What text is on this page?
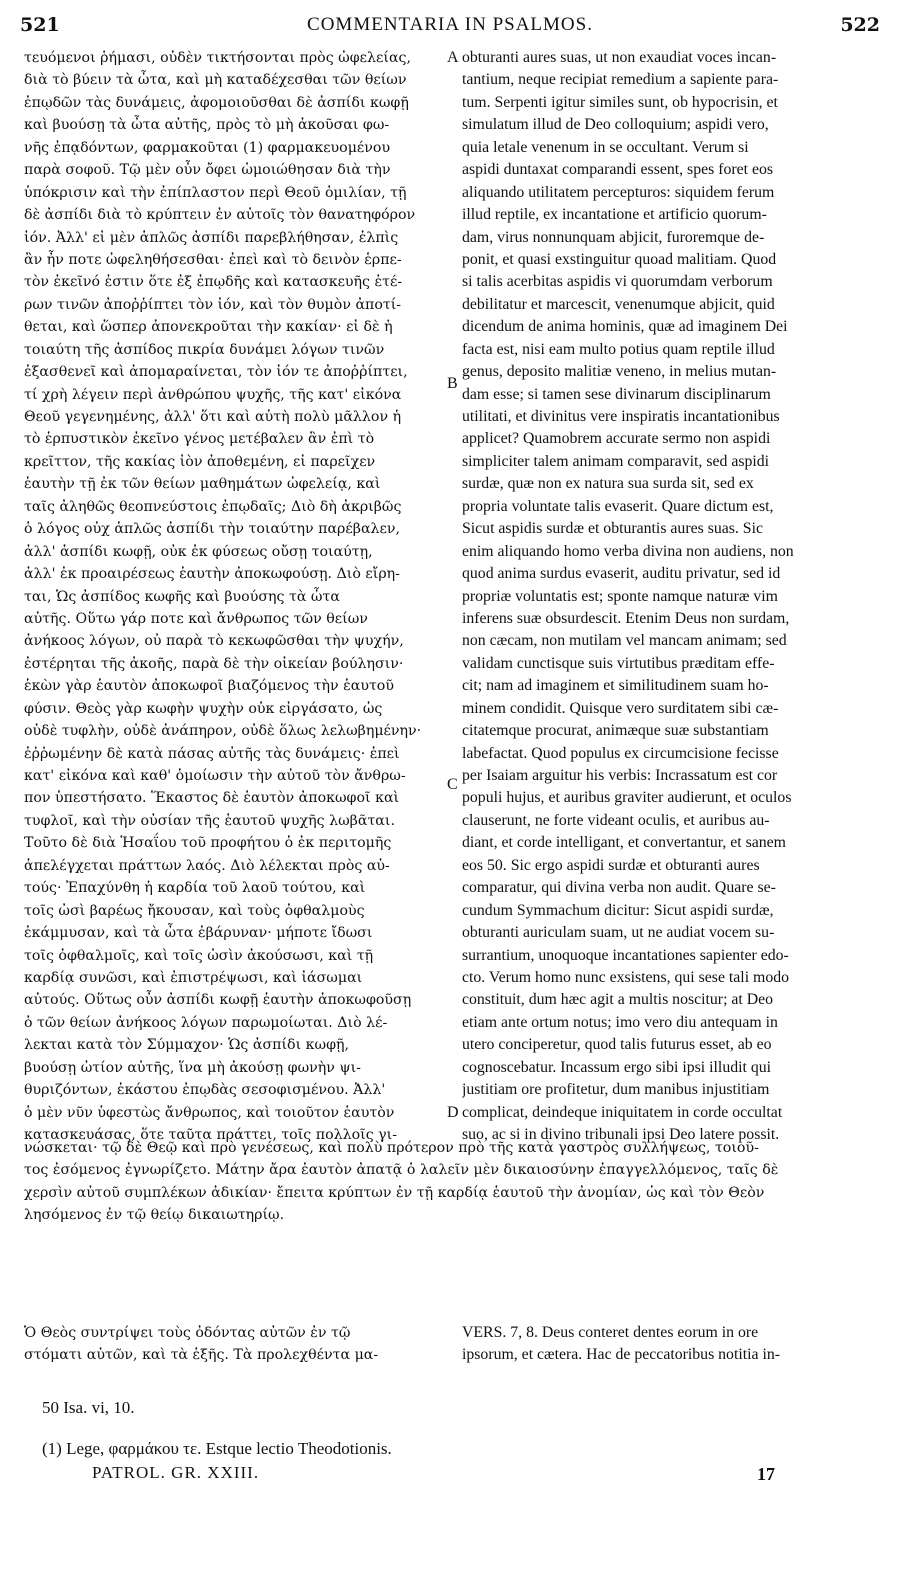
521	COMMENTARIA IN PSALMOS.	522
τευόμενοι ῥήμασι, οὐδὲν τικτήσονται πρὸς ὠφελείας,
διὰ τὸ βύειν τὰ ὦτα, καὶ μὴ καταδέχεσθαι τῶν θείων
ἐπῳδῶν τὰς δυνάμεις, ἀφομοιοῦσθαι δὲ ἀσπίδι κωφῇ
καὶ βυούσῃ τὰ ὦτα αὐτῆς, πρὸς τὸ μὴ ἀκοῦσαι φω-
νῆς ἐπᾳδόντων, φαρμακοῦται (1) φαρμακευομένου
παρὰ σοφοῦ. Τῷ μὲν οὖν ὄφει ὡμοιώθησαν διὰ τὴν
ὑπόκρισιν καὶ τὴν ἐπίπλαστον περὶ Θεοῦ ὁμιλίαν, τῇ
δὲ ἀσπίδι διὰ τὸ κρύπτειν ἐν αὐτοῖς τὸν θανατηφόρον
ἰόν. Ἀλλ' εἰ μὲν ἁπλῶς ἀσπίδι παρεβλήθησαν, ἐλπὶς
ἂν ἦν ποτε ὠφεληθήσεσθαι· ἐπεὶ καὶ τὸ δεινὸν ἑρπε-
τὸν ἐκεῖνό ἐστιν ὅτε ἐξ ἐπῳδῆς καὶ κατασκευῆς ἑτέ-
ρων τινῶν ἀποῤῥίπτει τὸν ἰόν, καὶ τὸν θυμὸν ἀποτί-
θεται, καὶ ὥσπερ ἀπονεκροῦται τὴν κακίαν· εἰ δὲ ἡ
τοιαύτη τῆς ἀσπίδος πικρία δυνάμει λόγων τινῶν
ἐξασθενεῖ καὶ ἀπομαραίνεται, τὸν ἰόν τε ἀποῤῥίπτει,
τί χρὴ λέγειν περὶ ἀνθρώπου ψυχῆς, τῆς κατ' εἰκόνα
Θεοῦ γεγενημένης, ἀλλ' ὅτι καὶ αὐτὴ πολὺ μᾶλλον ἡ
τὸ ἑρπυστικὸν ἐκεῖνο γένος μετέβαλεν ἂν ἐπὶ τὸ
κρεῖττον, τῆς κακίας ἰὸν ἀποθεμένη, εἰ παρεῖχεν
ἑαυτὴν τῇ ἐκ τῶν θείων μαθημάτων ὠφελείᾳ, καὶ
ταῖς ἀληθῶς θεοπνεύστοις ἐπῳδαῖς; Διὸ δὴ ἀκριβῶς
ὁ λόγος οὐχ ἁπλῶς ἀσπίδι τὴν τοιαύτην παρέβαλεν,
ἀλλ' ἀσπίδι κωφῇ, οὐκ ἐκ φύσεως οὔσῃ τοιαύτῃ,
ἀλλ' ἐκ προαιρέσεως ἑαυτὴν ἀποκωφούσῃ. Διὸ εἴρη-
ται, Ὡς ἀσπίδος κωφῆς καὶ βυούσης τὰ ὦτα
αὐτῆς. Οὕτω γάρ ποτε καὶ ἄνθρωπος τῶν θείων
ἀνήκοος λόγων, οὐ παρὰ τὸ κεκωφῶσθαι τὴν ψυχήν,
ἐστέρηται τῆς ἀκοῆς, παρὰ δὲ τὴν οἰκείαν βούλησιν·
ἑκὼν γὰρ ἑαυτὸν ἀποκωφοῖ βιαζόμενος τὴν ἑαυτοῦ
φύσιν. Θεὸς γὰρ κωφὴν ψυχὴν οὐκ εἰργάσατο, ὡς
οὐδὲ τυφλὴν, οὐδὲ ἀνάπηρον, οὐδὲ ὅλως λελωβημένην·
ἐῤῥωμένην δὲ κατὰ πάσας αὐτῆς τὰς δυνάμεις· ἐπεὶ
κατ' εἰκόνα καὶ καθ' ὁμοίωσιν τὴν αὐτοῦ τὸν ἄνθρω-
πον ὑπεστήσατο. Ἕκαστος δὲ ἑαυτὸν ἀποκωφοῖ καὶ
τυφλοῖ, καὶ τὴν οὐσίαν τῆς ἑαυτοῦ ψυχῆς λωβᾶται.
Τοῦτο δὲ διὰ Ἡσαΐου τοῦ προφήτου ὁ ἐκ περιτομῆς
ἀπελέγχεται πράττων λαός. Διὸ λέλεκται πρὸς αὐ-
τούς· Ἐπαχύνθη ἡ καρδία τοῦ λαοῦ τούτου, καὶ
τοῖς ὠσὶ βαρέως ἤκουσαν, καὶ τοὺς ὀφθαλμοὺς
ἐκάμμυσαν, καὶ τὰ ὦτα ἐβάρυναν· μήποτε ἴδωσι
τοῖς ὀφθαλμοῖς, καὶ τοῖς ὠσὶν ἀκούσωσι, καὶ τῇ
καρδίᾳ συνῶσι, καὶ ἐπιστρέψωσι, καὶ ἰάσωμαι
αὐτούς. Οὕτως οὖν ἀσπίδι κωφῇ ἑαυτὴν ἀποκωφοῦσῃ
ὁ τῶν θείων ἀνήκοος λόγων παρωμοίωται. Διὸ λέ-
λεκται κατὰ τὸν Σύμμαχον· Ὡς ἀσπίδι κωφῇ,
βυούσῃ ὠτίον αὐτῆς, ἵνα μὴ ἀκούσῃ φωνὴν ψι-
θυριζόντων, ἑκάστου ἐπῳδὰς σεσοφισμένου. Ἀλλ'
ὁ μὲν νῦν ὑφεστὼς ἄνθρωπος, καὶ τοιοῦτον ἑαυτὸν
κατασκευάσας, ὅτε ταῦτα πράττει, τοῖς πολλοῖς γι-
obturanti aures suas, ut non exaudiat voces incan-
tantium, neque recipiat remedium a sapiente para-
tum. Serpenti igitur similes sunt, ob hypocrisin, et
simulatum illud de Deo colloquium; aspidi vero,
quia letale venenum in se occultant. Verum si
aspidi duntaxat comparandi essent, spes foret eos
aliquando utilitatem percepturos: siquidem ferum
illud reptile, ex incantatione et artificio quorum-
dam, virus nonnunquam abjicit, furoremque de-
ponit, et quasi exstinguitur quoad malitiam. Quod
si talis acerbitas aspidis vi quorumdam verborum
debilitatur et marcescit, venenumque abjicit, quid
dicendum de anima hominis, quæ ad imaginem Dei
facta est, nisi eam multo potius quam reptile illud
genus, deposito malitiæ veneno, in melius mutan-
dam esse; si tamen sese divinarum disciplinarum
utilitati, et divinitus vere inspiratis incantationibus
applicet? Quamobrem accurate sermo non aspidi
simpliciter talem animam comparavit, sed aspidi
surdæ, quæ non ex natura sua surda sit, sed ex
propria voluntate talis evaserit. Quare dictum est,
Sicut aspidis surdæ et obturantis aures suas. Sic
enim aliquando homo verba divina non audiens, non
quod anima surdus evaserit, auditu privatur, sed id
propriæ voluntatis est; sponte namque naturæ vim
inferens suæ obsurdescit. Etenim Deus non surdam,
non cæcam, non mutilam vel mancam animam; sed
validam cunctisque suis virtutibus præditam effe-
cit; nam ad imaginem et similitudinem suam ho-
minem condidit. Quisque vero surditatem sibi cæ-
citatemque procurat, animæque suæ substantiam
labefactat. Quod populus ex circumcisione fecisse
per Isaiam arguitur his verbis: Incrassatum est cor
populi hujus, et auribus graviter audierunt, et oculos
clauserunt, ne forte videant oculis, et auribus au-
diant, et corde intelligant, et convertantur, et sanem
eos 50. Sic ergo aspidi surdæ et obturanti aures
comparatur, qui divina verba non audit. Quare se-
cundum Symmachum dicitur: Sicut aspidi surdæ,
obturanti auriculam suam, ut ne audiat vocem su-
surrantium, unoquoque incantationes sapienter edo-
cto. Verum homo nunc exsistens, qui sese tali modo
constituit, dum hæc agit a multis noscitur; at Deo
etiam ante ortum notus; imo vero diu antequam in
utero conciperetur, quod talis futurus esset, ab eo
cognoscebatur. Incassum ergo sibi ipsi illudit qui
justitiam ore profitetur, dum manibus injustitiam
complicat, deindeque iniquitatem in corde occultat
suo, ac si in divino tribunali ipsi Deo latere possit.
A
B
C
D
νώσκεται· τῷ δὲ Θεῷ καὶ πρὸ γενέσεως, καὶ πολὺ πρότερον πρὸ τῆς κατὰ γαστρὸς συλλήψεως, τοιοῦ-
τος ἐσόμενος ἐγνωρίζετο. Μάτην ἄρα ἑαυτὸν ἀπατᾷ ὁ λαλεῖν μὲν δικαιοσύνην ἐπαγγελλόμενος, ταῖς δὲ
χερσὶν αὐτοῦ συμπλέκων ἀδικίαν· ἔπειτα κρύπτων ἐν τῇ καρδίᾳ ἑαυτοῦ τὴν ἀνομίαν, ὡς καὶ τὸν Θεὸν
λησόμενος ἐν τῷ θείῳ δικαιωτηρίῳ.
Ὁ Θεὸς συντρίψει τοὺς ὀδόντας αὐτῶν ἐν τῷ
στόματι αὐτῶν, καὶ τὰ ἑξῆς. Τὰ προλεχθέντα μα-
VERS. 7, 8. Deus conteret dentes eorum in ore
ipsorum, et cætera. Hac de peccatoribus notitia in-
50 Isa. vi, 10.
(1) Lege, φαρμάκου τε. Estque lectio Theodotionis.
PATROL. GR. XXIII.	17
